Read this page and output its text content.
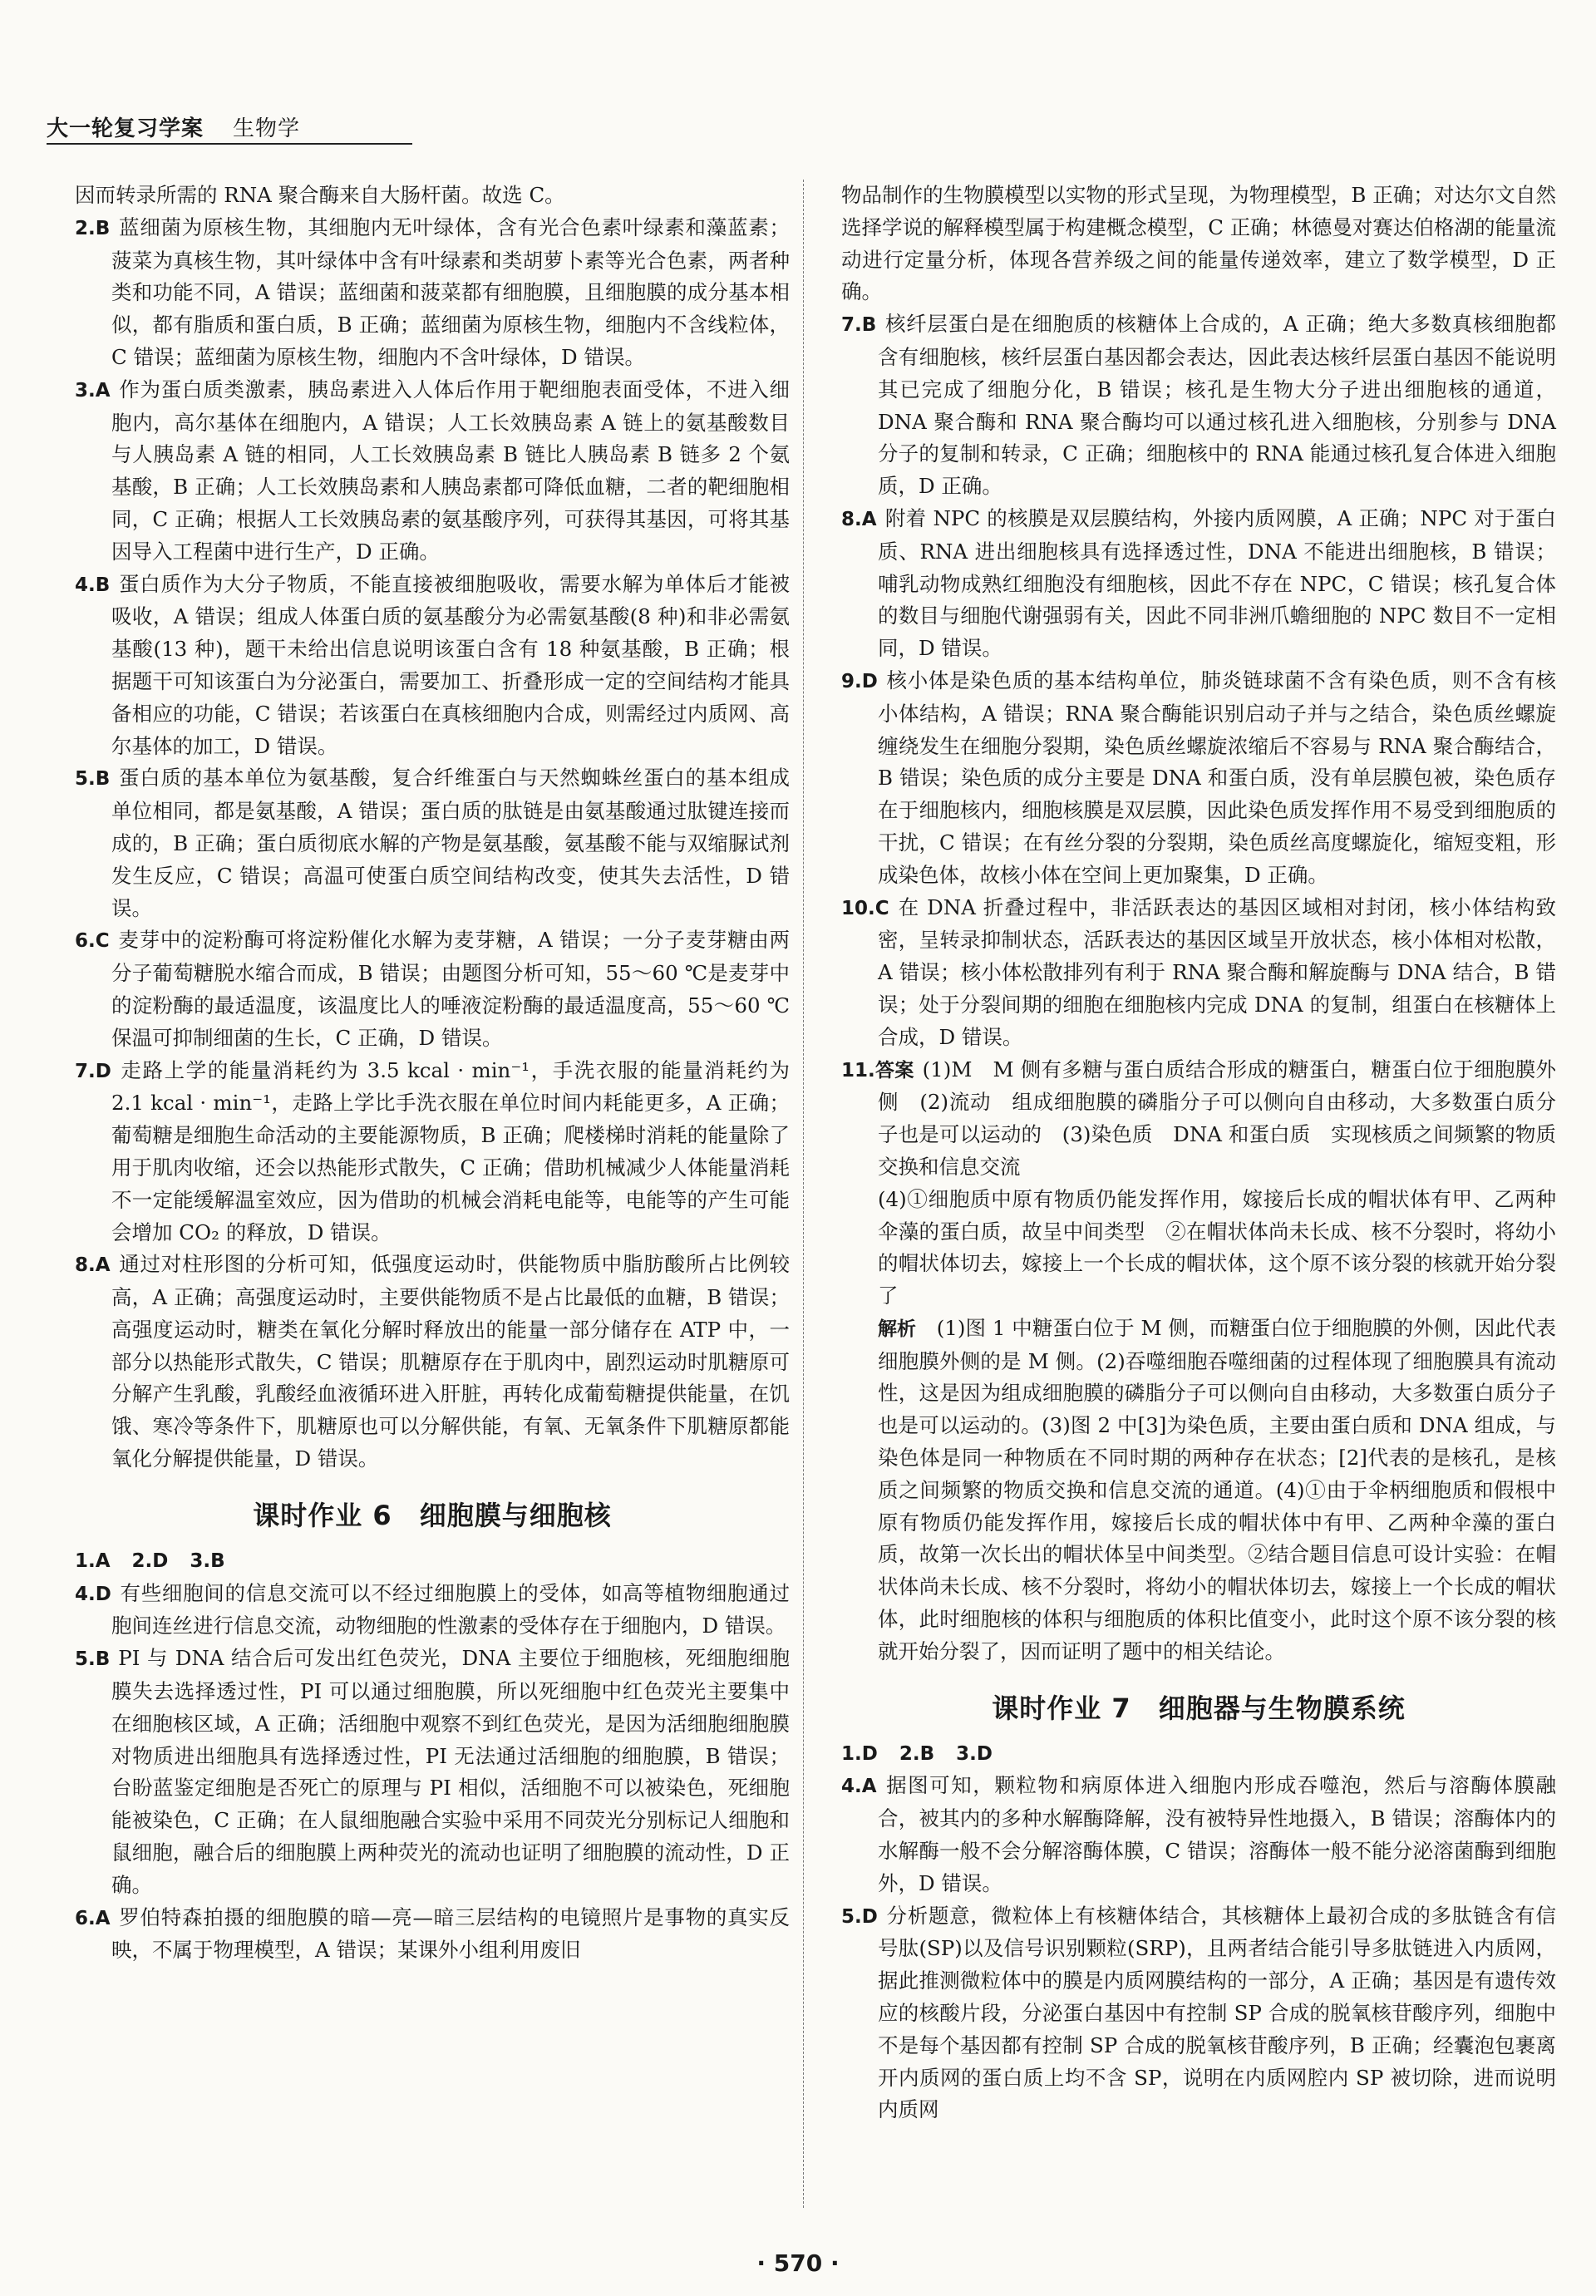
大一轮复习学案 生物学

因而转录所需的 RNA 聚合酶来自大肠杆菌。故选 C。

2.B 蓝细菌为原核生物，其细胞内无叶绿体，含有光合色素叶绿素和藻蓝素；菠菜为真核生物，其叶绿体中含有叶绿素和类胡萝卜素等光合色素，两者种类和功能不同，A 错误；蓝细菌和菠菜都有细胞膜，且细胞膜的成分基本相似，都有脂质和蛋白质，B 正确；蓝细菌为原核生物，细胞内不含线粒体，C 错误；蓝细菌为原核生物，细胞内不含叶绿体，D 错误。

3.A 作为蛋白质类激素，胰岛素进入人体后作用于靶细胞表面受体，不进入细胞内，高尔基体在细胞内，A 错误；人工长效胰岛素 A 链上的氨基酸数目与人胰岛素 A 链的相同，人工长效胰岛素 B 链比人胰岛素 B 链多 2 个氨基酸，B 正确；人工长效胰岛素和人胰岛素都可降低血糖，二者的靶细胞相同，C 正确；根据人工长效胰岛素的氨基酸序列，可获得其基因，可将其基因导入工程菌中进行生产，D 正确。

4.B 蛋白质作为大分子物质，不能直接被细胞吸收，需要水解为单体后才能被吸收，A 错误；组成人体蛋白质的氨基酸分为必需氨基酸(8 种)和非必需氨基酸(13 种)，题干未给出信息说明该蛋白含有 18 种氨基酸，B 正确；根据题干可知该蛋白为分泌蛋白，需要加工、折叠形成一定的空间结构才能具备相应的功能，C 错误；若该蛋白在真核细胞内合成，则需经过内质网、高尔基体的加工，D 错误。

5.B 蛋白质的基本单位为氨基酸，复合纤维蛋白与天然蜘蛛丝蛋白的基本组成单位相同，都是氨基酸，A 错误；蛋白质的肽链是由氨基酸通过肽键连接而成的，B 正确；蛋白质彻底水解的产物是氨基酸，氨基酸不能与双缩脲试剂发生反应，C 错误；高温可使蛋白质空间结构改变，使其失去活性，D 错误。

6.C 麦芽中的淀粉酶可将淀粉催化水解为麦芽糖，A 错误；一分子麦芽糖由两分子葡萄糖脱水缩合而成，B 错误；由题图分析可知，55～60 ℃是麦芽中的淀粉酶的最适温度，该温度比人的唾液淀粉酶的最适温度高，55～60 ℃保温可抑制细菌的生长，C 正确，D 错误。

7.D 走路上学的能量消耗约为 3.5 kcal · min⁻¹，手洗衣服的能量消耗约为 2.1 kcal · min⁻¹，走路上学比手洗衣服在单位时间内耗能更多，A 正确；葡萄糖是细胞生命活动的主要能源物质，B 正确；爬楼梯时消耗的能量除了用于肌肉收缩，还会以热能形式散失，C 正确；借助机械减少人体能量消耗不一定能缓解温室效应，因为借助的机械会消耗电能等，电能等的产生可能会增加 CO₂ 的释放，D 错误。

8.A 通过对柱形图的分析可知，低强度运动时，供能物质中脂肪酸所占比例较高，A 正确；高强度运动时，主要供能物质不是占比最低的血糖，B 错误；高强度运动时，糖类在氧化分解时释放出的能量一部分储存在 ATP 中，一部分以热能形式散失，C 错误；肌糖原存在于肌肉中，剧烈运动时肌糖原可分解产生乳酸，乳酸经血液循环进入肝脏，再转化成葡萄糖提供能量，在饥饿、寒冷等条件下，肌糖原也可以分解供能，有氧、无氧条件下肌糖原都能氧化分解提供能量，D 错误。

课时作业 6　细胞膜与细胞核

1.A 2.D 3.B

4.D 有些细胞间的信息交流可以不经过细胞膜上的受体，如高等植物细胞通过胞间连丝进行信息交流，动物细胞的性激素的受体存在于细胞内，D 错误。

5.B PI 与 DNA 结合后可发出红色荧光，DNA 主要位于细胞核，死细胞细胞膜失去选择透过性，PI 可以通过细胞膜，所以死细胞中红色荧光主要集中在细胞核区域，A 正确；活细胞中观察不到红色荧光，是因为活细胞细胞膜对物质进出细胞具有选择透过性，PI 无法通过活细胞的细胞膜，B 错误；台盼蓝鉴定细胞是否死亡的原理与 PI 相似，活细胞不可以被染色，死细胞能被染色，C 正确；在人鼠细胞融合实验中采用不同荧光分别标记人细胞和鼠细胞，融合后的细胞膜上两种荧光的流动也证明了细胞膜的流动性，D 正确。

6.A 罗伯特森拍摄的细胞膜的暗—亮—暗三层结构的电镜照片是事物的真实反映，不属于物理模型，A 错误；某课外小组利用废旧

物品制作的生物膜模型以实物的形式呈现，为物理模型，B 正确；对达尔文自然选择学说的解释模型属于构建概念模型，C 正确；林德曼对赛达伯格湖的能量流动进行定量分析，体现各营养级之间的能量传递效率，建立了数学模型，D 正确。

7.B 核纤层蛋白是在细胞质的核糖体上合成的，A 正确；绝大多数真核细胞都含有细胞核，核纤层蛋白基因都会表达，因此表达核纤层蛋白基因不能说明其已完成了细胞分化，B 错误；核孔是生物大分子进出细胞核的通道，DNA 聚合酶和 RNA 聚合酶均可以通过核孔进入细胞核，分别参与 DNA 分子的复制和转录，C 正确；细胞核中的 RNA 能通过核孔复合体进入细胞质，D 正确。

8.A 附着 NPC 的核膜是双层膜结构，外接内质网膜，A 正确；NPC 对于蛋白质、RNA 进出细胞核具有选择透过性，DNA 不能进出细胞核，B 错误；哺乳动物成熟红细胞没有细胞核，因此不存在 NPC，C 错误；核孔复合体的数目与细胞代谢强弱有关，因此不同非洲爪蟾细胞的 NPC 数目不一定相同，D 错误。

9.D 核小体是染色质的基本结构单位，肺炎链球菌不含有染色质，则不含有核小体结构，A 错误；RNA 聚合酶能识别启动子并与之结合，染色质丝螺旋缠绕发生在细胞分裂期，染色质丝螺旋浓缩后不容易与 RNA 聚合酶结合，B 错误；染色质的成分主要是 DNA 和蛋白质，没有单层膜包被，染色质存在于细胞核内，细胞核膜是双层膜，因此染色质发挥作用不易受到细胞质的干扰，C 错误；在有丝分裂的分裂期，染色质丝高度螺旋化，缩短变粗，形成染色体，故核小体在空间上更加聚集，D 正确。

10.C 在 DNA 折叠过程中，非活跃表达的基因区域相对封闭，核小体结构致密，呈转录抑制状态，活跃表达的基因区域呈开放状态，核小体相对松散，A 错误；核小体松散排列有利于 RNA 聚合酶和解旋酶与 DNA 结合，B 错误；处于分裂间期的细胞在细胞核内完成 DNA 的复制，组蛋白在核糖体上合成，D 错误。

11.答案 (1)M　M 侧有多糖与蛋白质结合形成的糖蛋白，糖蛋白位于细胞膜外侧　(2)流动　组成细胞膜的磷脂分子可以侧向自由移动，大多数蛋白质分子也是可以运动的　(3)染色质　DNA 和蛋白质　实现核质之间频繁的物质交换和信息交流

(4)①细胞质中原有物质仍能发挥作用，嫁接后长成的帽状体有甲、乙两种伞藻的蛋白质，故呈中间类型　②在帽状体尚未长成、核不分裂时，将幼小的帽状体切去，嫁接上一个长成的帽状体，这个原不该分裂的核就开始分裂了

解析　 (1)图 1 中糖蛋白位于 M 侧，而糖蛋白位于细胞膜的外侧，因此代表细胞膜外侧的是 M 侧。(2)吞噬细胞吞噬细菌的过程体现了细胞膜具有流动性，这是因为组成细胞膜的磷脂分子可以侧向自由移动，大多数蛋白质分子也是可以运动的。(3)图 2 中[3]为染色质，主要由蛋白质和 DNA 组成，与染色体是同一种物质在不同时期的两种存在状态；[2]代表的是核孔，是核质之间频繁的物质交换和信息交流的通道。(4)①由于伞柄细胞质和假根中原有物质仍能发挥作用，嫁接后长成的帽状体中有甲、乙两种伞藻的蛋白质，故第一次长出的帽状体呈中间类型。②结合题目信息可设计实验：在帽状体尚未长成、核不分裂时，将幼小的帽状体切去，嫁接上一个长成的帽状体，此时细胞核的体积与细胞质的体积比值变小，此时这个原不该分裂的核就开始分裂了，因而证明了题中的相关结论。

课时作业 7　细胞器与生物膜系统

1.D 2.B 3.D

4.A 据图可知，颗粒物和病原体进入细胞内形成吞噬泡，然后与溶酶体膜融合，被其内的多种水解酶降解，没有被特异性地摄入，B 错误；溶酶体内的水解酶一般不会分解溶酶体膜，C 错误；溶酶体一般不能分泌溶菌酶到细胞外，D 错误。

5.D 分析题意，微粒体上有核糖体结合，其核糖体上最初合成的多肽链含有信号肽(SP)以及信号识别颗粒(SRP)，且两者结合能引导多肽链进入内质网，据此推测微粒体中的膜是内质网膜结构的一部分，A 正确；基因是有遗传效应的核酸片段，分泌蛋白基因中有控制 SP 合成的脱氧核苷酸序列，细胞中不是每个基因都有控制 SP 合成的脱氧核苷酸序列，B 正确；经囊泡包裹离开内质网的蛋白质上均不含 SP，说明在内质网腔内 SP 被切除，进而说明内质网

· 570 ·
